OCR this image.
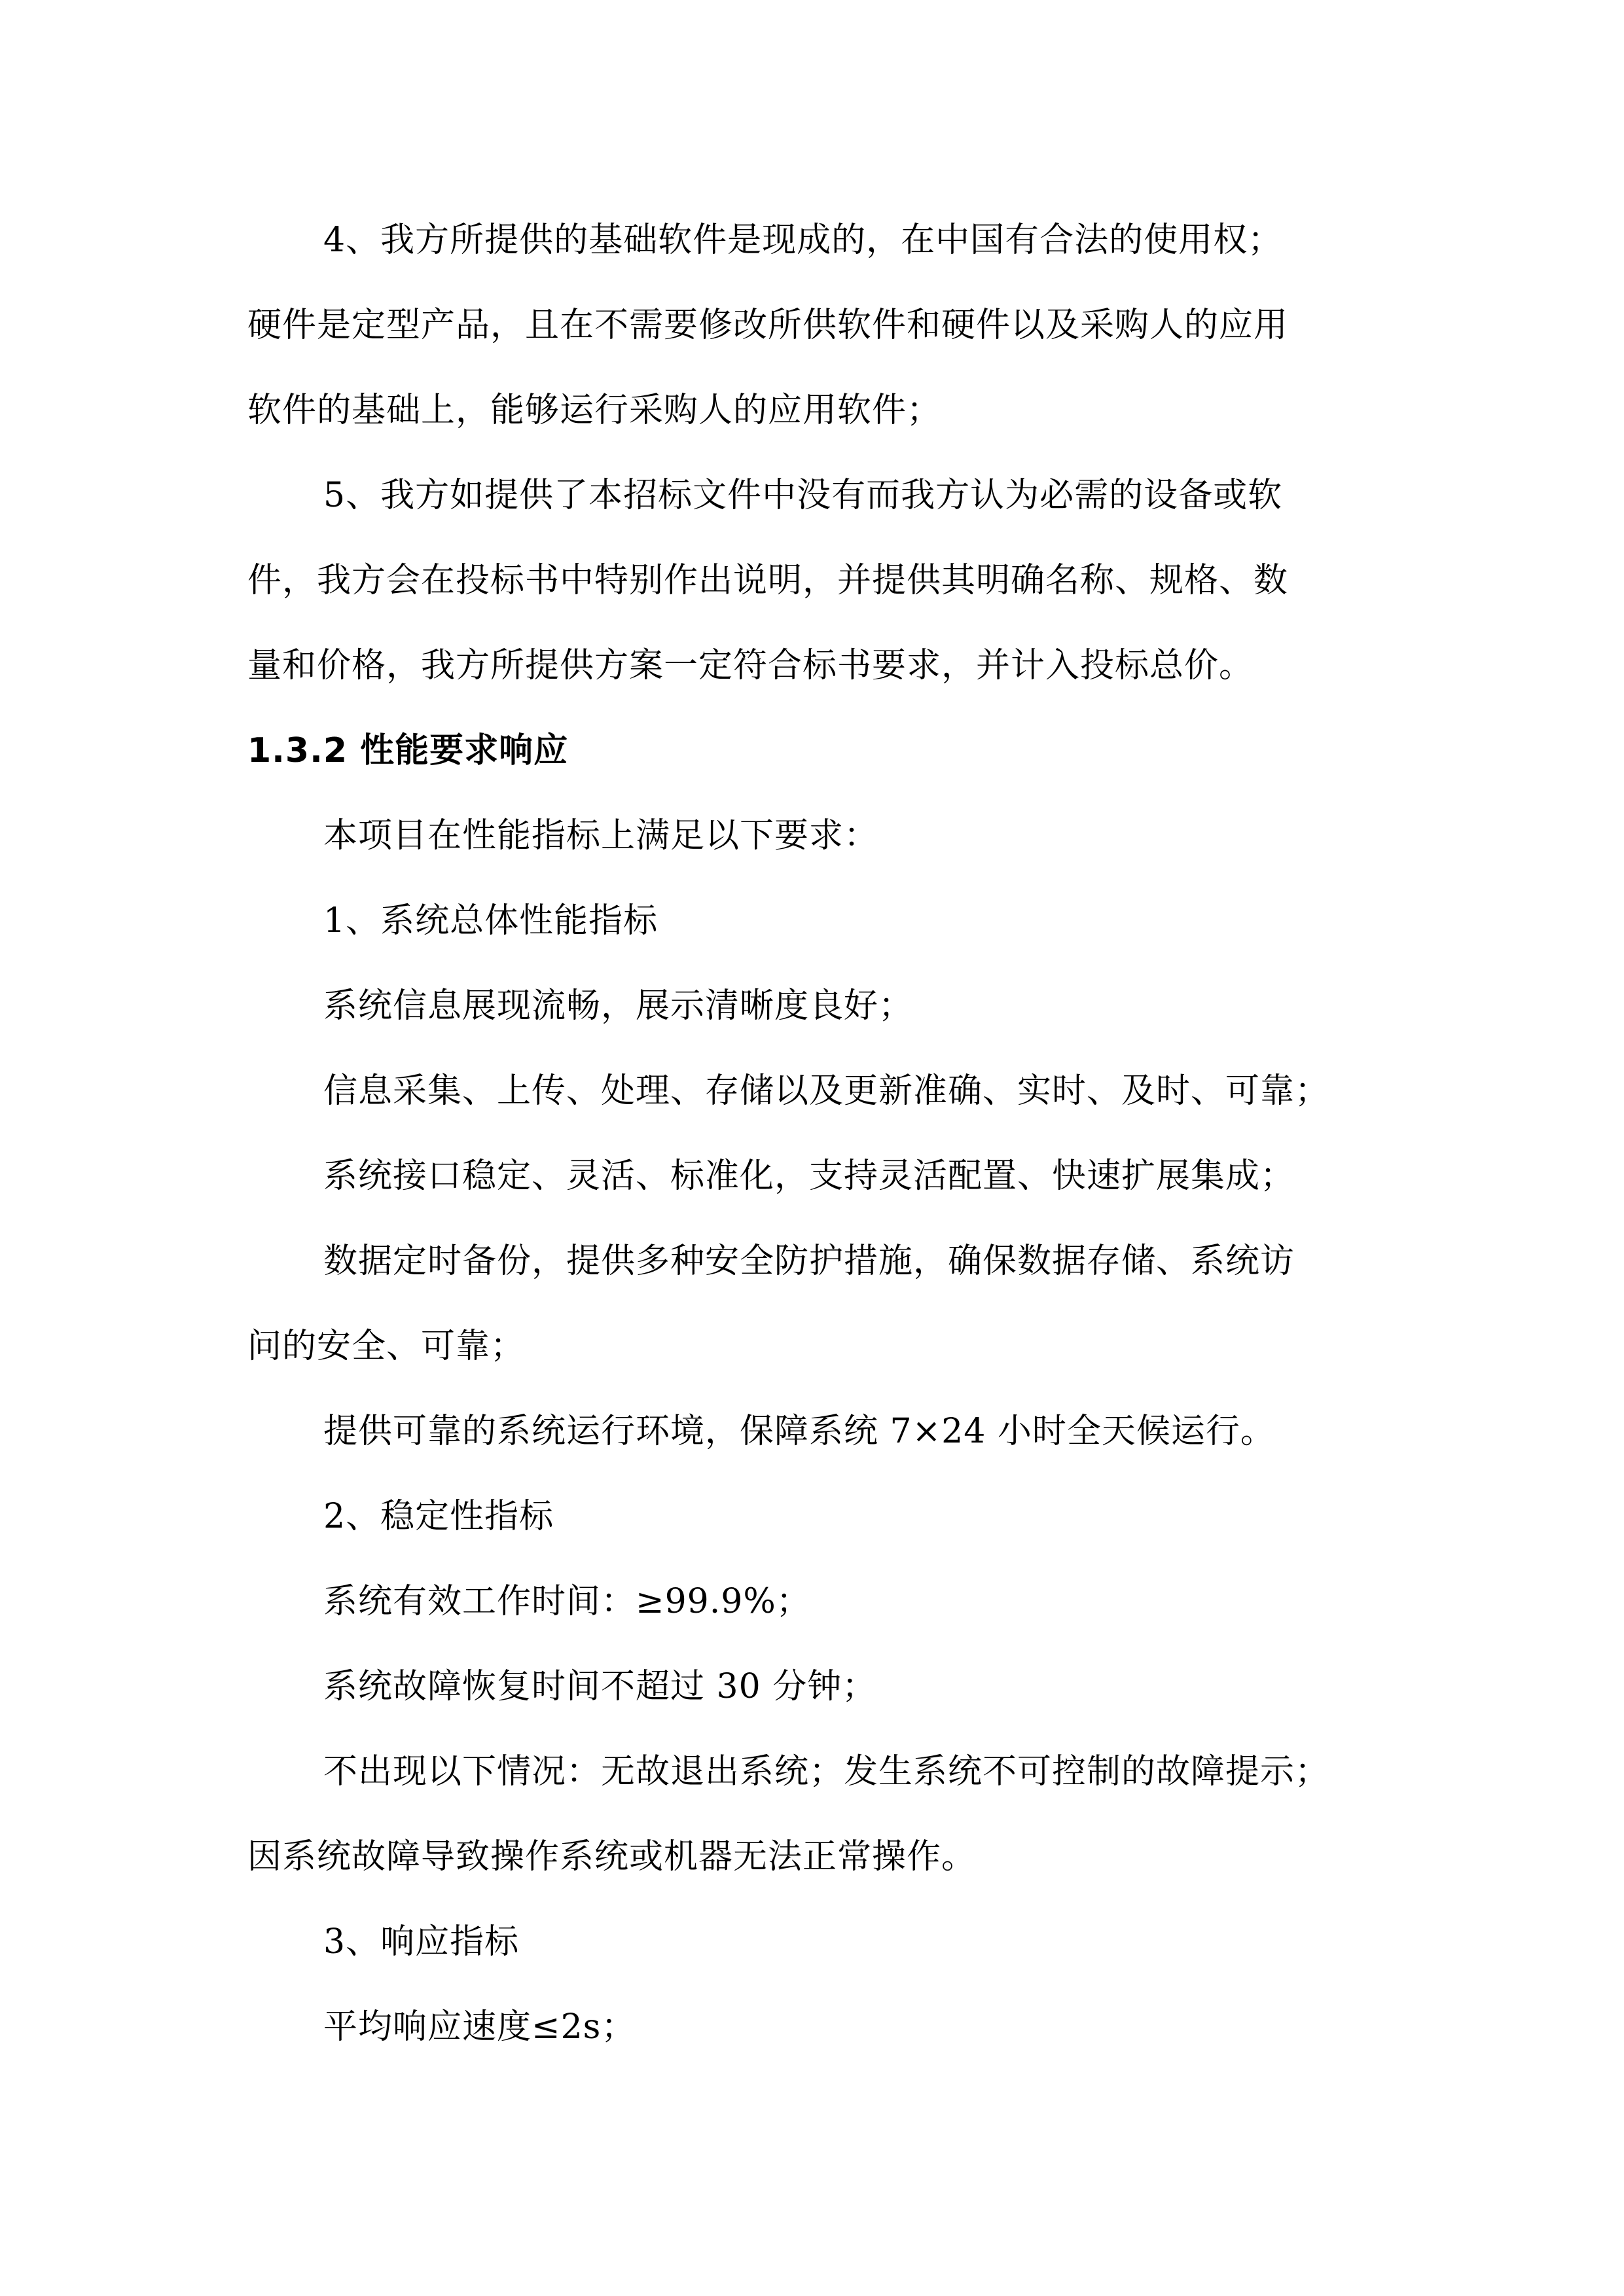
4、我方所提供的基础软件是现成的，在中国有合法的使用权；

硬件是定型产品，且在不需要修改所供软件和硬件以及采购人的应用

软件的基础上，能够运行采购人的应用软件；

5、我方如提供了本招标文件中没有而我方认为必需的设备或软

件，我方会在投标书中特别作出说明，并提供其明确名称、规格、数

量和价格，我方所提供方案一定符合标书要求，并计入投标总价。

1.3.2 性能要求响应

本项目在性能指标上满足以下要求：

1、系统总体性能指标

系统信息展现流畅，展示清晰度良好；

信息采集、上传、处理、存储以及更新准确、实时、及时、可靠；

系统接口稳定、灵活、标准化，支持灵活配置、快速扩展集成；

数据定时备份，提供多种安全防护措施，确保数据存储、系统访

问的安全、可靠；

提供可靠的系统运行环境，保障系统 7×24 小时全天候运行。

2、稳定性指标

系统有效工作时间：≥99.9%；

系统故障恢复时间不超过 30 分钟；

不出现以下情况：无故退出系统；发生系统不可控制的故障提示；

因系统故障导致操作系统或机器无法正常操作。

3、响应指标

平均响应速度≤2s；
